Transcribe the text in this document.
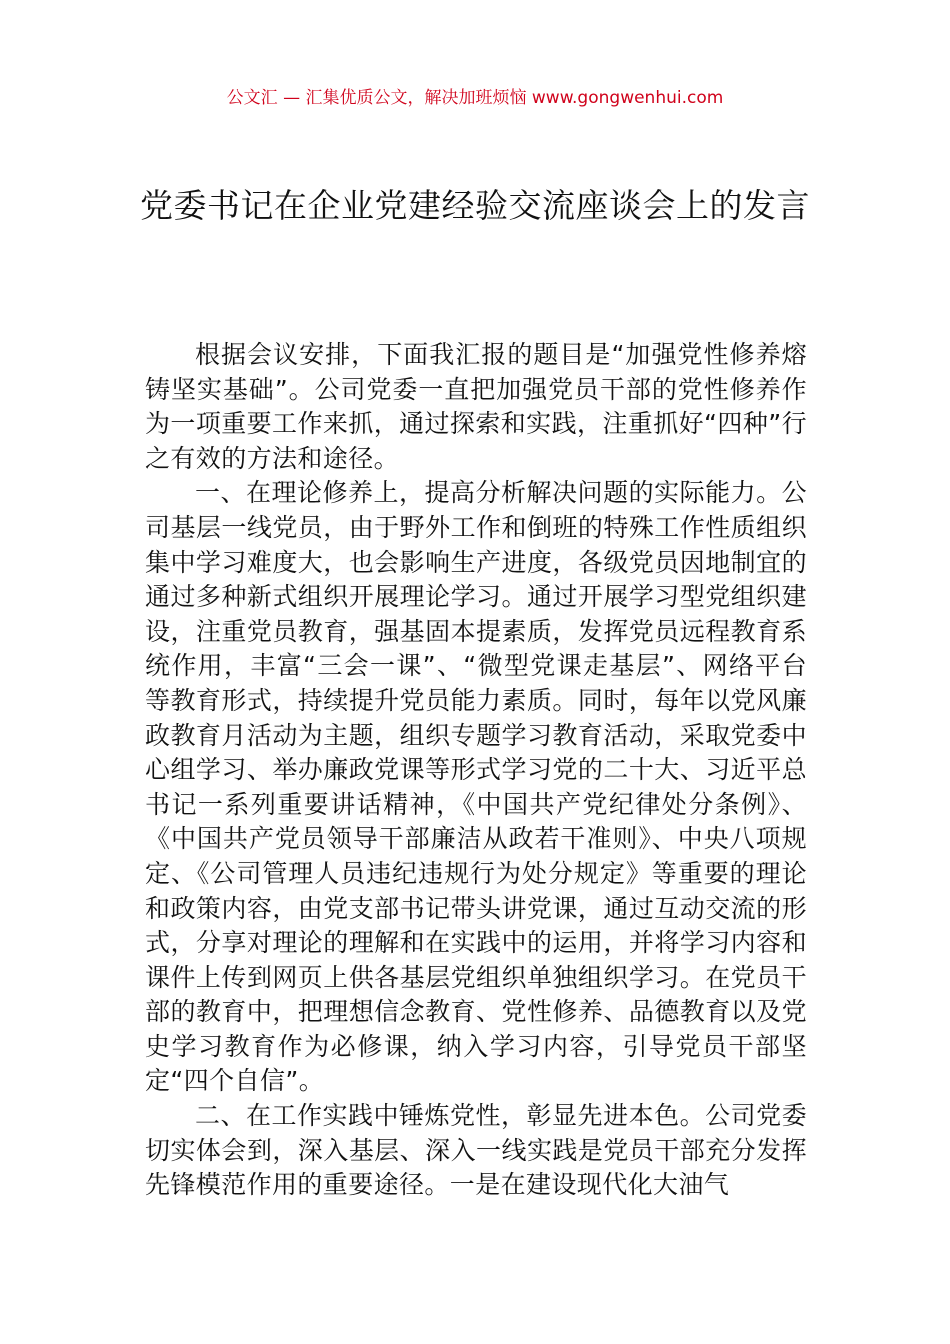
公文汇 — 汇集优质公文，解决加班烦恼 www.gongwenhui.com
党委书记在企业党建经验交流座谈会上的发言

根据会议安排，下面我汇报的题目是“加强党性修养熔铸坚实基础”。公司党委一直把加强党员干部的党性修养作为一项重要工作来抓，通过探索和实践，注重抓好“四种”行之有效的方法和途径。

一、在理论修养上，提高分析解决问题的实际能力。公司基层一线党员，由于野外工作和倒班的特殊工作性质组织集中学习难度大，也会影响生产进度，各级党员因地制宜的通过多种新式组织开展理论学习。通过开展学习型党组织建设，注重党员教育，强基固本提素质，发挥党员远程教育系统作用，丰富“三会一课”、“微型党课走基层”、网络平台等教育形式，持续提升党员能力素质。同时，每年以党风廉政教育月活动为主题，组织专题学习教育活动，采取党委中心组学习、举办廉政党课等形式学习党的二十大、习近平总书记一系列重要讲话精神，《中国共产党纪律处分条例》、《中国共产党员领导干部廉洁从政若干准则》、中央八项规定、《公司管理人员违纪违规行为处分规定》等重要的理论和政策内容，由党支部书记带头讲党课，通过互动交流的形式，分享对理论的理解和在实践中的运用，并将学习内容和课件上传到网页上供各基层党组织单独组织学习。在党员干部的教育中，把理想信念教育、党性修养、品德教育以及党史学习教育作为必修课，纳入学习内容，引导党员干部坚定“四个自信”。

二、在工作实践中锤炼党性，彰显先进本色。公司党委切实体会到，深入基层、深入一线实践是党员干部充分发挥先锋模范作用的重要途径。一是在建设现代化大油气
